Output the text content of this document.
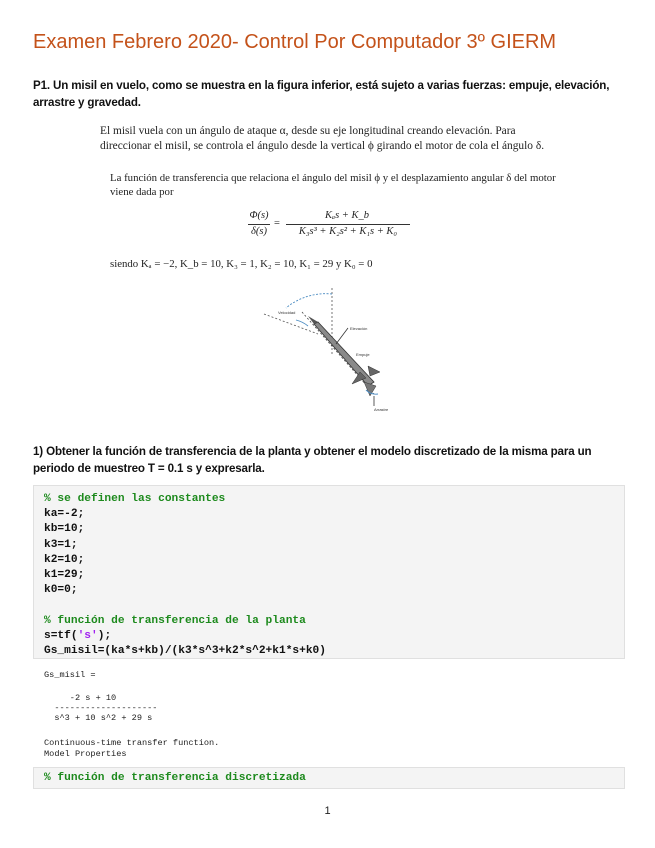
Examen Febrero 2020- Control Por Computador 3º GIERM
P1. Un misil en vuelo, como se muestra en la figura inferior, está sujeto a varias fuerzas: empuje, elevación, arrastre y gravedad.
El misil vuela con un ángulo de ataque α, desde su eje longitudinal creando elevación. Para direccionar el misil, se controla el ángulo desde la vertical ϕ girando el motor de cola el ángulo δ.
La función de transferencia que relaciona el ángulo del misil ϕ y el desplazamiento angular δ del motor viene dada por
Φ(s)
δ(s)
=
Kₐs + K_b
K₃s³ + K₂s² + K₁s + K₀
siendo Kₐ = −2, K_b = 10, K₃ = 1, K₂ = 10, K₁ = 29 y K₀ = 0
Velocidad
Elevación
Empuje
Arrastre
1) Obtener la función de transferencia de la planta y obtener el modelo discretizado de la misma para un periodo de muestreo T = 0.1 s y expresarla.
% se definen las constantes
ka=-2;
kb=10;
k3=1;
k2=10;
k1=29;
k0=0;

% función de transferencia de la planta
s=tf('s');
Gs_misil=(ka*s+kb)/(k3*s^3+k2*s^2+k1*s+k0)
Gs_misil =
-2 s + 10
--------------------
s^3 + 10 s^2 + 29 s
Continuous-time transfer function.
Model Properties
% función de transferencia discretizada
1
